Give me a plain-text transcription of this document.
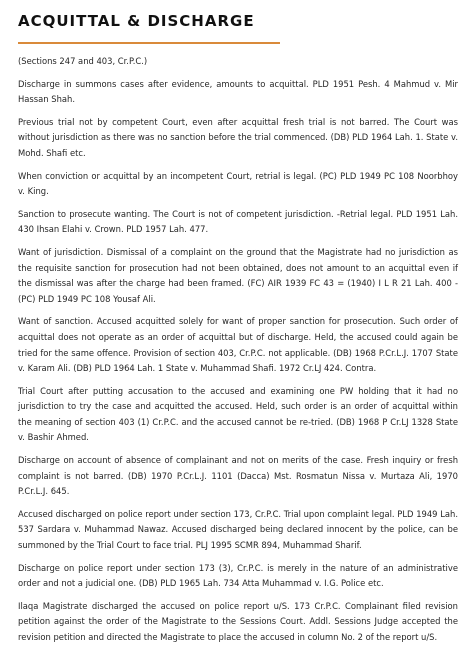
ACQUITTAL & DISCHARGE

(Sections 247 and 403, Cr.P.C.)

Discharge in summons cases after evidence, amounts to acquittal. PLD 1951 Pesh. 4 Mahmud v. Mir Hassan Shah.

Previous trial not by competent Court, even after acquittal fresh trial is not barred. The Court was without jurisdiction as there was no sanction before the trial commenced. (DB) PLD 1964 Lah. 1. State v. Mohd. Shafi etc.

When conviction or acquittal by an incompetent Court, retrial is legal. (PC) PLD 1949 PC 108 Noorbhoy v. King.

Sanction to prosecute wanting. The Court is not of competent jurisdiction. -Retrial legal. PLD 1951 Lah. 430 Ihsan Elahi v. Crown. PLD 1957 Lah. 477.

Want of jurisdiction. Dismissal of a complaint on the ground that the Magistrate had no jurisdiction as the requisite sanction for prosecution had not been obtained, does not amount to an acquittal even if the dismissal was after the charge had been framed. (FC) AIR 1939 FC 43 = (1940) I L R 21 Lah. 400 - (PC) PLD 1949 PC 108 Yousaf Ali.

Want of sanction. Accused acquitted solely for want of proper sanction for prosecution. Such order of acquittal does not operate as an order of acquittal but of discharge. Held, the accused could again be tried for the same offence. Provision of section 403, Cr.P.C. not applicable. (DB) 1968 P.Cr.L.J. 1707 State v. Karam Ali. (DB) PLD 1964 Lah. 1 State v. Muhammad Shafi. 1972 Cr.LJ 424. Contra.

Trial Court after putting accusation to the accused and examining one PW holding that it had no jurisdiction to try the case and acquitted the accused. Held, such order is an order of acquittal within the meaning of section 403 (1) Cr.P.C. and the accused cannot be re-tried. (DB) 1968 P Cr.LJ 1328 State v. Bashir Ahmed.

Discharge on account of absence of complainant and not on merits of the case. Fresh inquiry or fresh complaint is not barred. (DB) 1970 P.Cr.L.J. 1101 (Dacca) Mst. Rosmatun Nissa v. Murtaza Ali, 1970 P.Cr.L.J. 645.

Accused discharged on police report under section 173, Cr.P.C. Trial upon complaint legal. PLD 1949 Lah. 537 Sardara v. Muhammad Nawaz. Accused discharged being declared innocent by the police, can be summoned by the Trial Court to face trial. PLJ 1995 SCMR 894, Muhammad Sharif.

Discharge on police report under section 173 (3), Cr.P.C. is merely in the nature of an administrative order and not a judicial one. (DB) PLD 1965 Lah. 734 Atta Muhammad v. I.G. Police etc.

Ilaqa Magistrate discharged the accused on police report u/S. 173 Cr.P.C. Complainant filed revision petition against the order of the Magistrate to the Sessions Court. Addl. Sessions Judge accepted the revision petition and directed the Magistrate to place the accused in column No. 2 of the report u/S.
